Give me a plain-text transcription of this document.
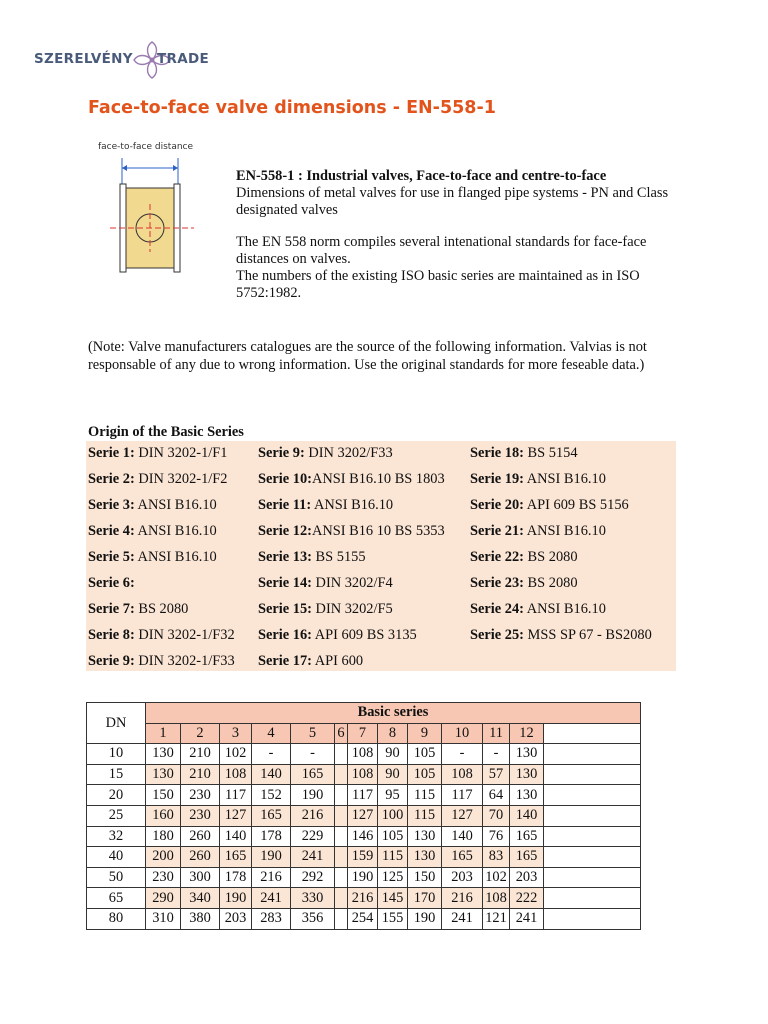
SZERELVÉNY TRADE
Face-to-face valve dimensions - EN-558-1
face-to-face distance

EN-558-1 : Industrial valves, Face-to-face and centre-to-face

Dimensions of metal valves for use in flanged pipe systems - PN and Class designated valves

The EN 558 norm compiles several intenational standards for face-face distances on valves.

The numbers of the existing ISO basic series are maintained as in ISO 5752:1982.

(Note: Valve manufacturers catalogues are the source of the following information. Valvias is not responsable of any due to wrong information. Use the original standards for more feseable data.)

Origin of the Basic Series
Serie 1: DIN 3202-1/F1	Serie 9: DIN 3202/F33	Serie 18: BS 5154
Serie 2: DIN 3202-1/F2	Serie 10:ANSI B16.10 BS 1803	Serie 19: ANSI B16.10
Serie 3: ANSI B16.10	Serie 11: ANSI B16.10	Serie 20: API 609 BS 5156
Serie 4: ANSI B16.10	Serie 12:ANSI B16 10 BS 5353	Serie 21: ANSI B16.10
Serie 5: ANSI B16.10	Serie 13: BS 5155	Serie 22: BS 2080
Serie 6:	Serie 14: DIN 3202/F4	Serie 23: BS 2080
Serie 7: BS 2080	Serie 15: DIN 3202/F5	Serie 24: ANSI B16.10
Serie 8: DIN 3202-1/F32	Serie 16: API 609 BS 3135	Serie 25: MSS SP 67 - BS2080
Serie 9: DIN 3202-1/F33	Serie 17: API 600	
DN	Basic series												
	1	2	3	4	5	6	7	8	9	10	11	12	
10	130	210	102	-	-		108	90	105	-	-	130	
15	130	210	108	140	165		108	90	105	108	57	130	
20	150	230	117	152	190		117	95	115	117	64	130	
25	160	230	127	165	216		127	100	115	127	70	140	
32	180	260	140	178	229		146	105	130	140	76	165	
40	200	260	165	190	241		159	115	130	165	83	165	
50	230	300	178	216	292		190	125	150	203	102	203	
65	290	340	190	241	330		216	145	170	216	108	222	
80	310	380	203	283	356		254	155	190	241	121	241	
